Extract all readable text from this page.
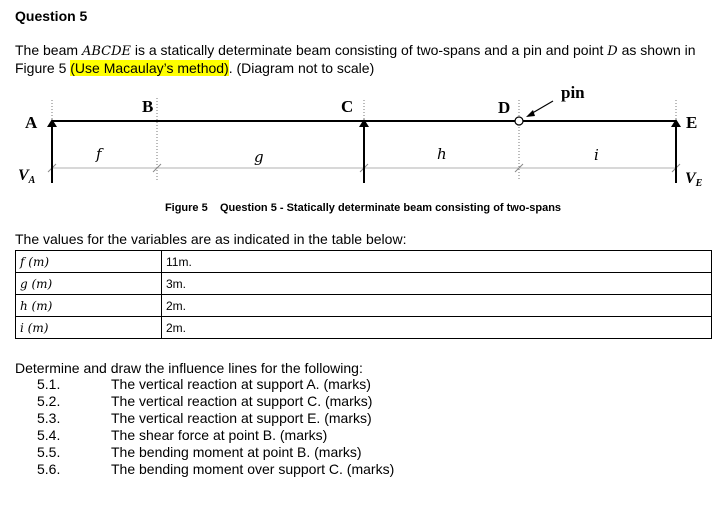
Question 5
The beam ABCDE is a statically determinate beam consisting of two-spans and a pin and point D as shown in Figure 5 (Use Macaulay’s method). (Diagram not to scale)
A
B	C	D
pin
E
f	g	h	i
VA	VE
Figure 5 Question 5 - Statically determinate beam consisting of two-spans
The values for the variables are as indicated in the table below:
f (m)	11m.
g (m)	3m.
h (m)	2m.
i (m)	2m.
Determine and draw the influence lines for the following:
5.1.	The vertical reaction at support A. (marks)
5.2.	The vertical reaction at support C. (marks)
5.3.	The vertical reaction at support E. (marks)
5.4.	The shear force at point B. (marks)
5.5.	The bending moment at point B. (marks)
5.6.	The bending moment over support C. (marks)
